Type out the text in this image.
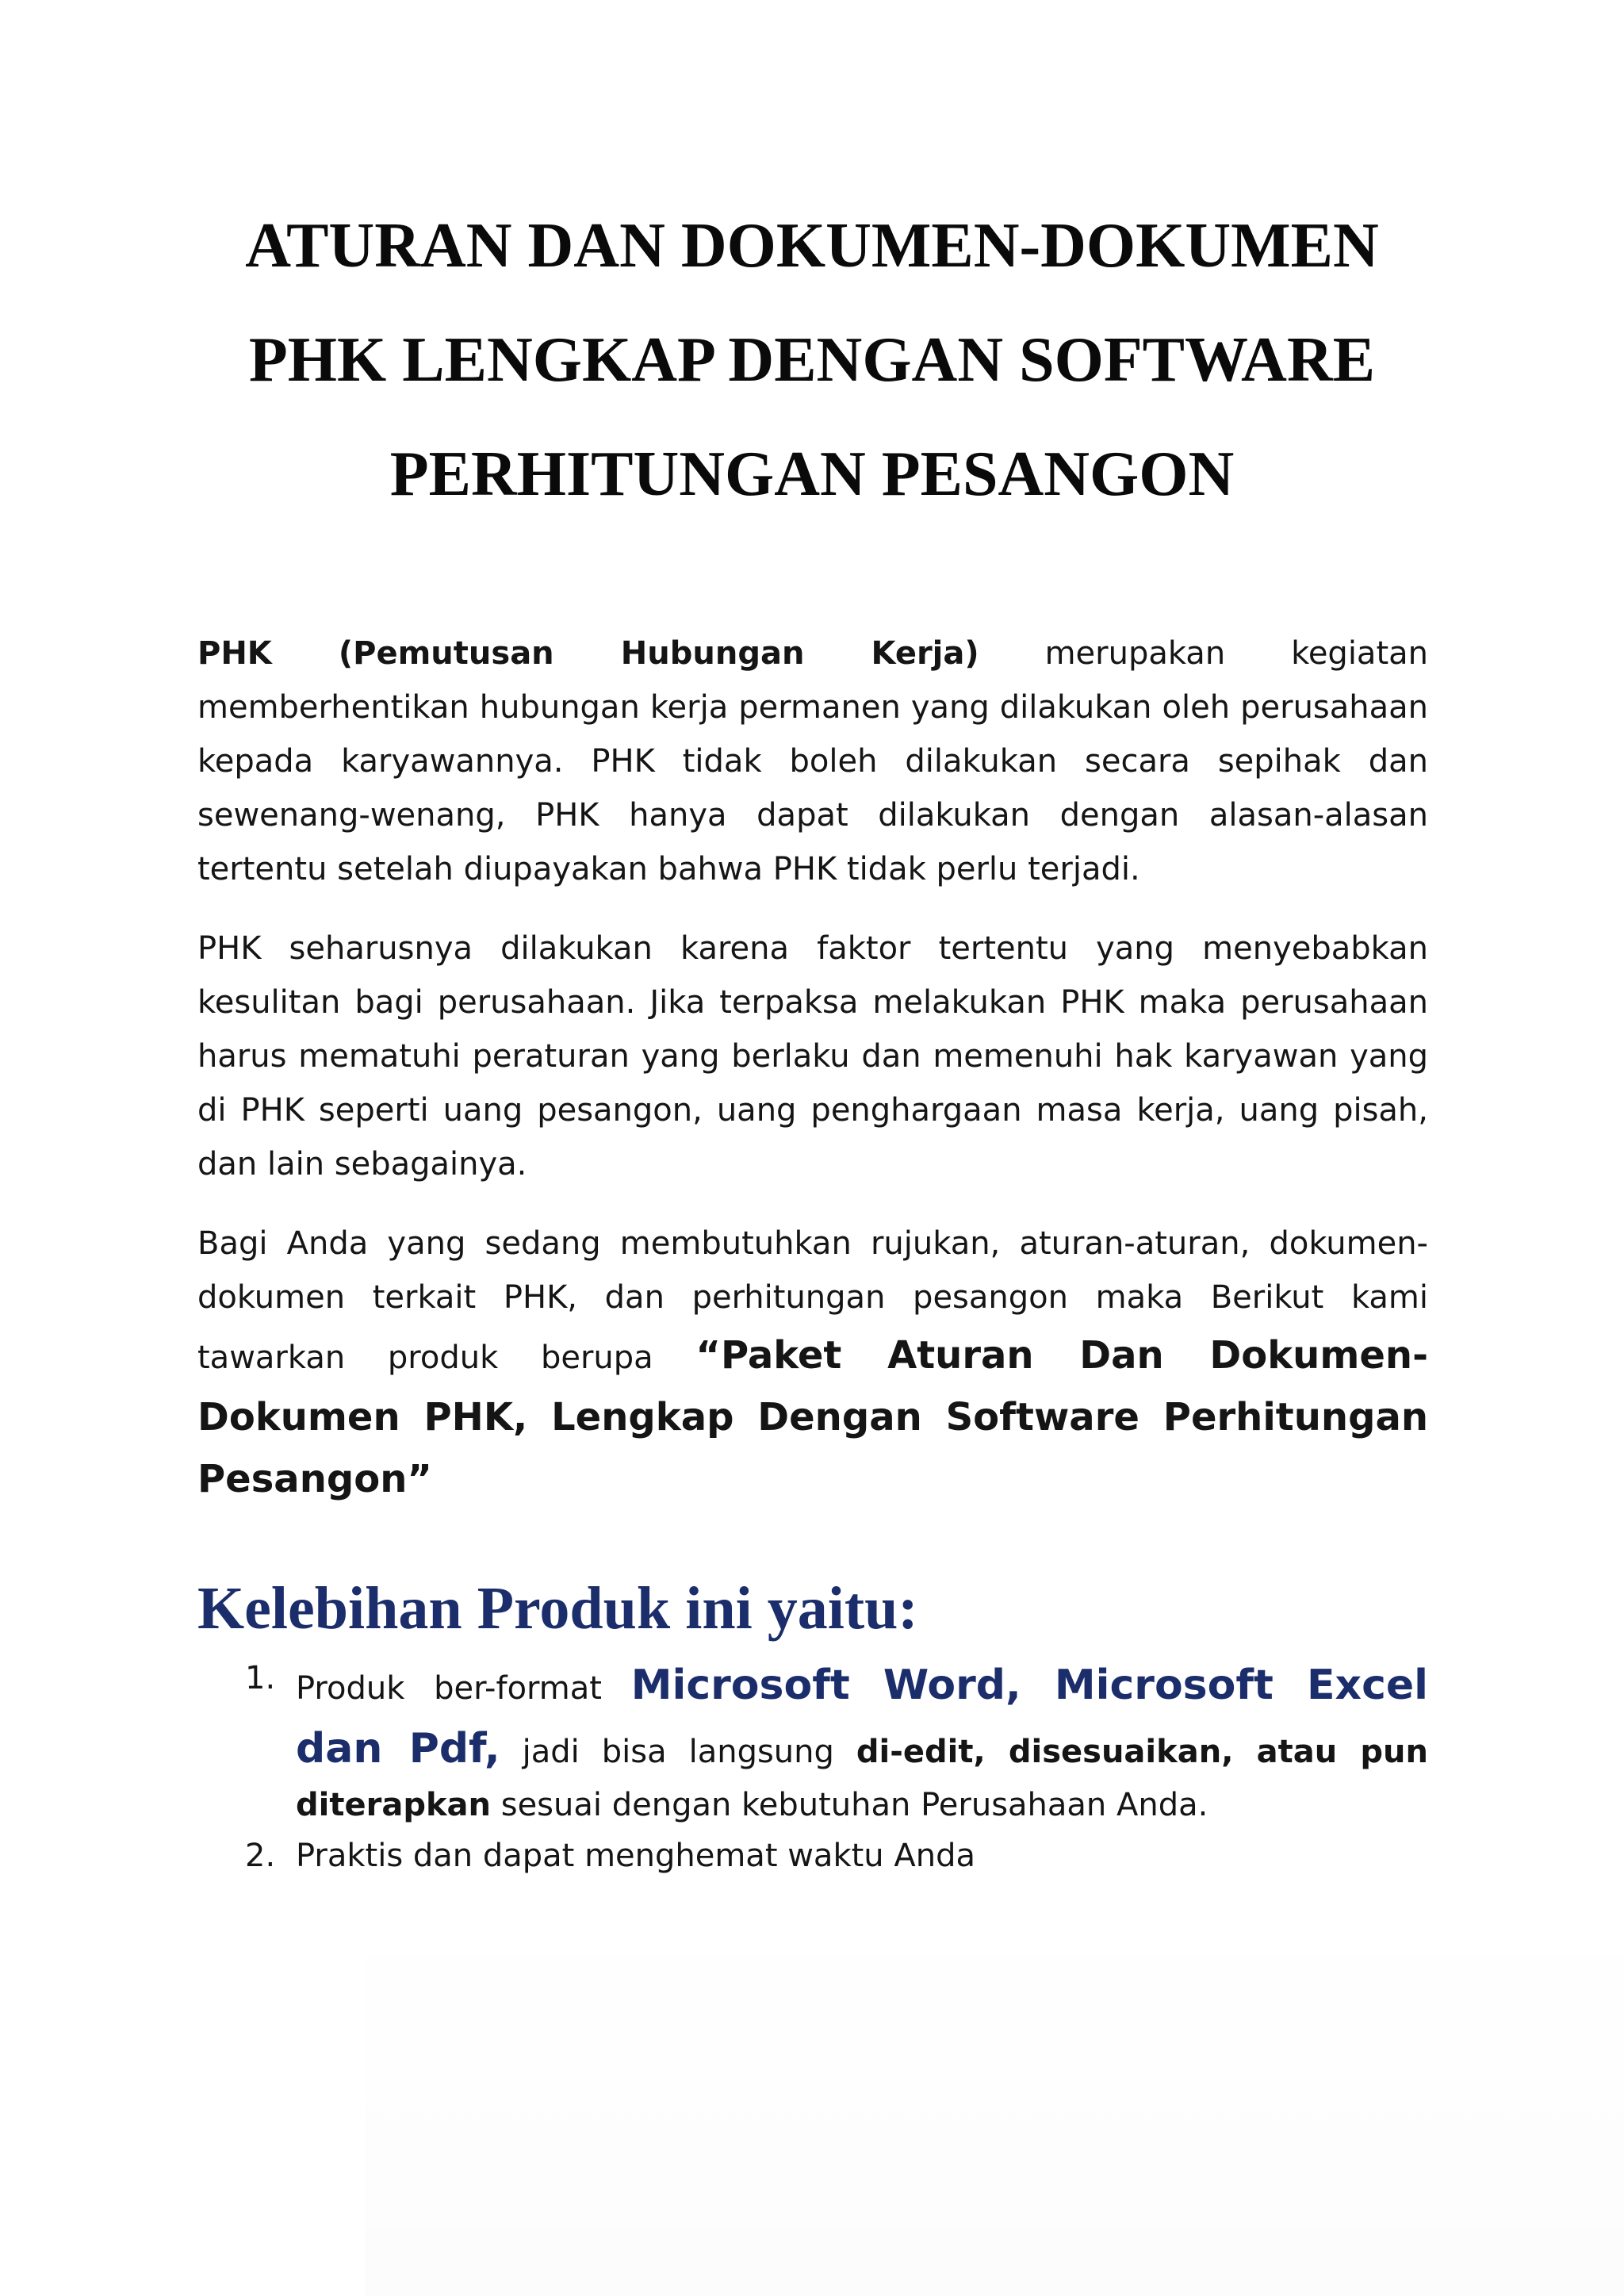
ATURAN DAN DOKUMEN-DOKUMEN
PHK LENGKAP DENGAN SOFTWARE
PERHITUNGAN PESANGON

PHK (Pemutusan Hubungan Kerja) merupakan kegiatan memberhentikan hubungan kerja permanen yang dilakukan oleh perusahaan kepada karyawannya. PHK tidak boleh dilakukan secara sepihak dan sewenang-wenang, PHK hanya dapat dilakukan dengan alasan-alasan tertentu setelah diupayakan bahwa PHK tidak perlu terjadi.

PHK seharusnya dilakukan karena faktor tertentu yang menyebabkan kesulitan bagi perusahaan. Jika terpaksa melakukan PHK maka perusahaan harus mematuhi peraturan yang berlaku dan memenuhi hak karyawan yang di PHK seperti uang pesangon, uang penghargaan masa kerja, uang pisah, dan lain sebagainya.

Bagi Anda yang sedang membutuhkan rujukan, aturan-aturan, dokumen-dokumen terkait PHK, dan perhitungan pesangon maka Berikut kami tawarkan produk berupa “Paket Aturan Dan Dokumen-Dokumen PHK, Lengkap Dengan Software Perhitungan Pesangon”

Kelebihan Produk ini yaitu:
1. Produk ber-format Microsoft Word, Microsoft Excel dan Pdf, jadi bisa langsung di-edit, disesuaikan, atau pun diterapkan sesuai dengan kebutuhan Perusahaan Anda.
2. Praktis dan dapat menghemat waktu Anda
